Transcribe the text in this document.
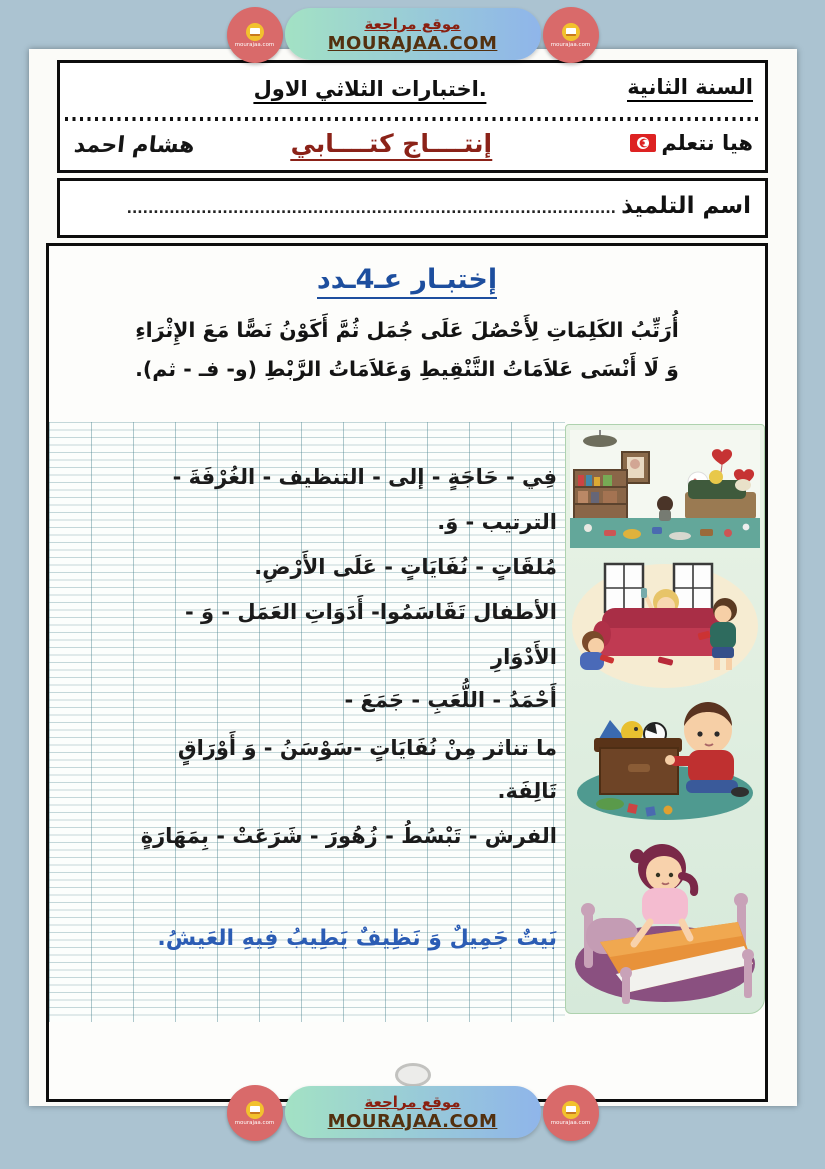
mourajaa.com
موقع مراجعة
MOURAJAA.COM	mourajaa.com
السنة الثانية
اختبارات الثلاثي الاول.
هيا نتعلم
إنتــــاج كتــــابي
هشام احمد
اسم التلميذ ............................................................................................
إختبـار عـ4ـدد
أُرَتِّبُ الكَلِمَاتِ لِأَحْصُلَ عَلَى جُمَل ثُمَّ أَكَوْنُ نَصًّا مَعَ الإِثْرَاءِ
وَ لَا أَنْسَى عَلاَمَاتُ التَّنْقِيطِ وَعَلاَمَاتُ الرَّبْطِ (و- فـ - ثم).
فِي - حَاجَةٍ - إلى - التنظيف - الغُرْفَةَ -
الترتيب - وَ.
مُلقَاتٍ - نُفَايَاتٍ - عَلَى الأَرْضِ.
الأطفال تَقَاسَمُوا- أَدَوَاتِ العَمَل - وَ -
الأَدْوَارِ
أَحْمَدُ - اللُّعَبِ - جَمَعَ -
ما تناثر مِنْ نُفَايَاتٍ -سَوْسَنُ - وَ أَوْرَاقٍ
تَالِفَة.
الفرش - تَبْسُطُ - زُهُورَ - شَرَعَتْ - بِمَهَارَةٍ
بَيتٌ جَمِيلٌ وَ نَظِيفٌ يَطِيبُ فِيهِ العَيشُ.
mourajaa.com
موقع مراجعة
MOURAJAA.COM	mourajaa.com
